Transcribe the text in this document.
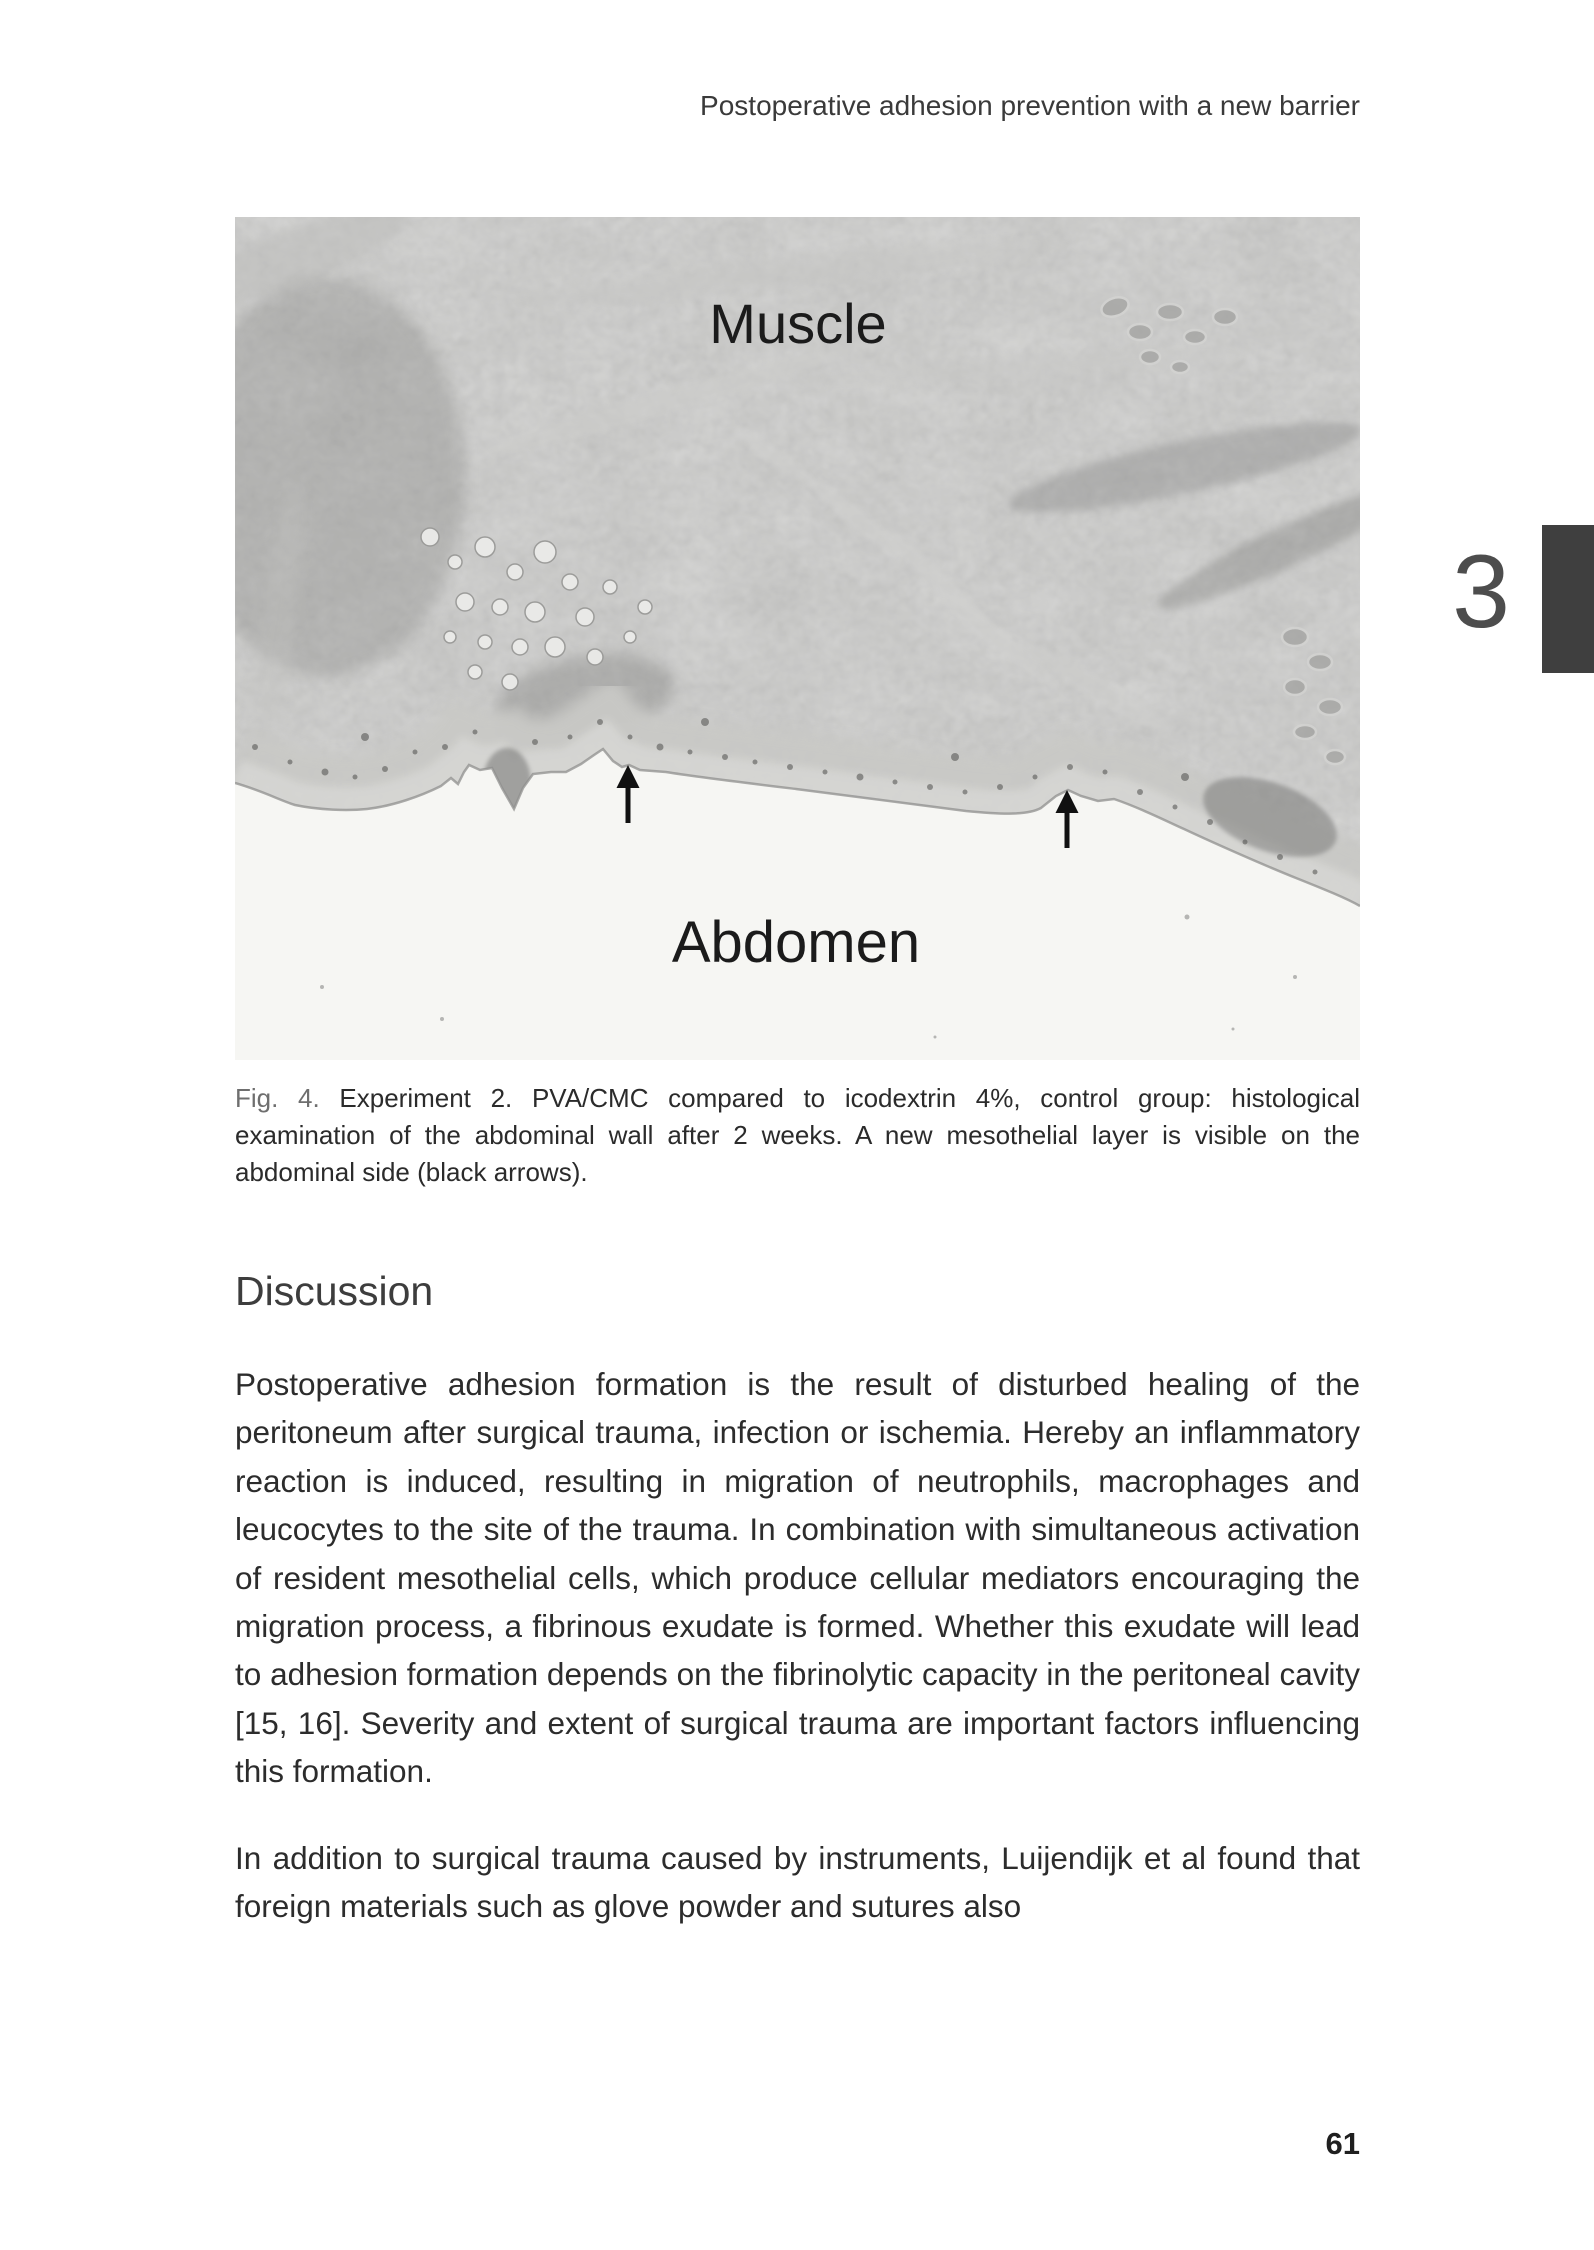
Postoperative adhesion prevention with a new barrier
Muscle
Abdomen
Fig. 4. Experiment 2. PVA/CMC compared to icodextrin 4%, control group: histological examination of the abdominal wall after 2 weeks. A new mesothelial layer is visible on the abdominal side (black arrows).
Discussion

Postoperative adhesion formation is the result of disturbed healing of the peritoneum after surgical trauma, infection or ischemia. Hereby an inflammatory reaction is induced, resulting in migration of neutrophils, macrophages and leucocytes to the site of the trauma. In combination with simultaneous activation of resident mesothelial cells, which produce cellular mediators encouraging the migration process, a fibrinous exudate is formed. Whether this exudate will lead to adhesion formation depends on the fibrinolytic capacity in the peritoneal cavity [15, 16]. Severity and extent of surgical trauma are important factors influencing this formation.

In addition to surgical trauma caused by instruments, Luijendijk et al found that foreign materials such as glove powder and sutures also

3
61
